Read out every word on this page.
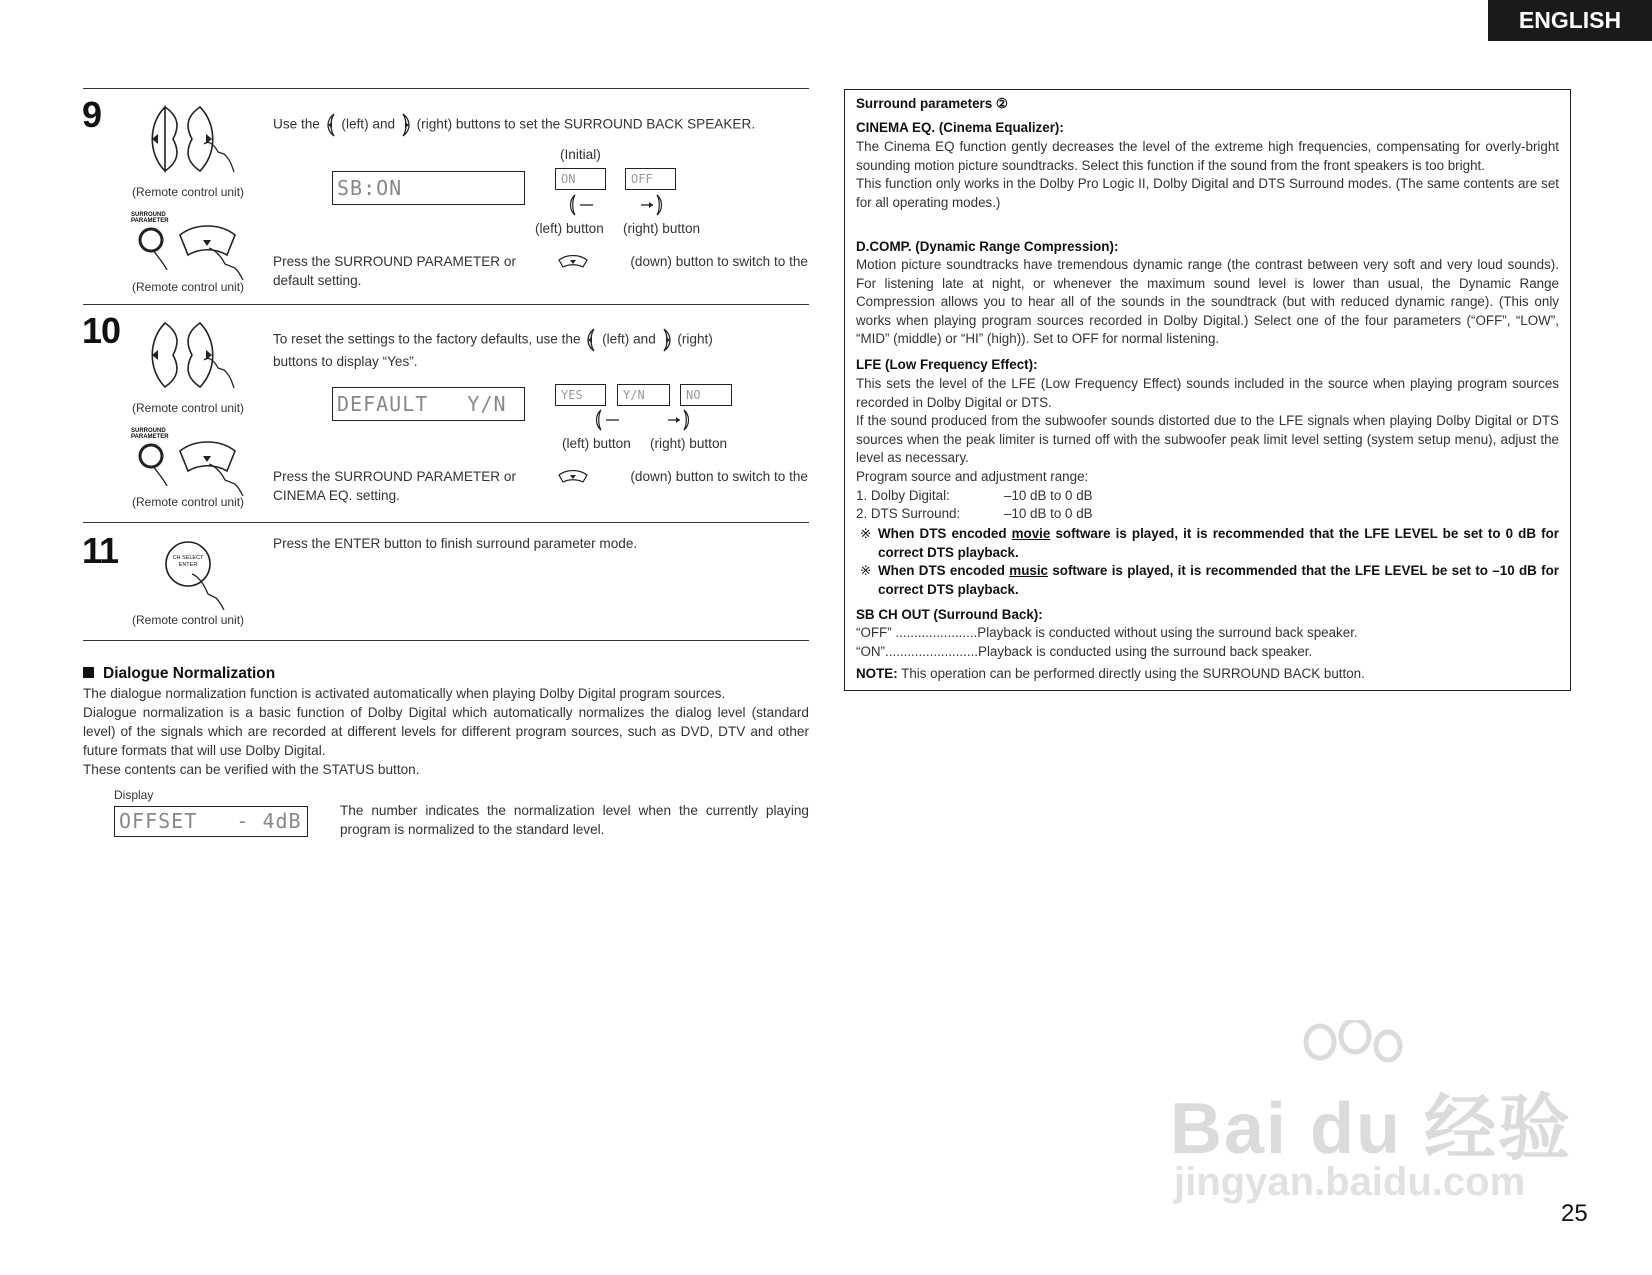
ENGLISH
9
(Remote control unit)
SURROUND
PARAMETER
(Remote control unit)
Use the (left) and (right) buttons to set the SURROUND BACK SPEAKER.
SB:ON
(Initial)
ON	OFF
(left) button (right) button
Press the SURROUND PARAMETER or	(down) button to switch to the
default setting.
10
(Remote control unit)
SURROUND
PARAMETER
(Remote control unit)
To reset the settings to the factory defaults, use the (left) and (right)
buttons to display “Yes”.
DEFAULT   Y/N	YES	Y/N	NO
(left) button (right) button
Press the SURROUND PARAMETER or	(down) button to switch to the
CINEMA EQ. setting.
11	CH SELECT
ENTER
(Remote control unit)
Press the ENTER button to finish surround parameter mode.
Dialogue Normalization
The dialogue normalization function is activated automatically when playing Dolby Digital program sources.
Dialogue normalization is a basic function of Dolby Digital which automatically normalizes the dialog level (standard level) of the signals which are recorded at different levels for different program sources, such as DVD, DTV and other future formats that will use Dolby Digital.
These contents can be verified with the STATUS button.
Display
OFFSET   - 4dB	The number indicates the normalization level when the currently playing program is normalized to the standard level.
Surround parameters ②
CINEMA EQ. (Cinema Equalizer):
The Cinema EQ function gently decreases the level of the extreme high frequencies, compensating for overly-bright sounding motion picture soundtracks. Select this function if the sound from the front speakers is too bright.
This function only works in the Dolby Pro Logic II, Dolby Digital and DTS Surround modes. (The same contents are set for all operating modes.)
D.COMP. (Dynamic Range Compression):
Motion picture soundtracks have tremendous dynamic range (the contrast between very soft and very loud sounds). For listening late at night, or whenever the maximum sound level is lower than usual, the Dynamic Range Compression allows you to hear all of the sounds in the soundtrack (but with reduced dynamic range). (This only works when playing program sources recorded in Dolby Digital.) Select one of the four parameters (“OFF”, “LOW”, “MID” (middle) or “HI” (high)). Set to OFF for normal listening.
LFE (Low Frequency Effect):
This sets the level of the LFE (Low Frequency Effect) sounds included in the source when playing program sources recorded in Dolby Digital or DTS.
If the sound produced from the subwoofer sounds distorted due to the LFE signals when playing Dolby Digital or DTS sources when the peak limiter is turned off with the subwoofer peak limit level setting (system setup menu), adjust the level as necessary.
Program source and adjustment range:
1. Dolby Digital:	–10 dB to 0 dB
2. DTS Surround:	–10 dB to 0 dB
※ When DTS encoded movie software is played, it is recommended that the LFE LEVEL be set to 0 dB for correct DTS playback.
※ When DTS encoded music software is played, it is recommended that the LFE LEVEL be set to –10 dB for correct DTS playback.
SB CH OUT (Surround Back):
“OFF” ......................Playback is conducted without using the surround back speaker.
“ON”.........................Playback is conducted using the surround back speaker.
NOTE: This operation can be performed directly using the SURROUND BACK button.
Bai du 经验
jingyan.baidu.com
25
